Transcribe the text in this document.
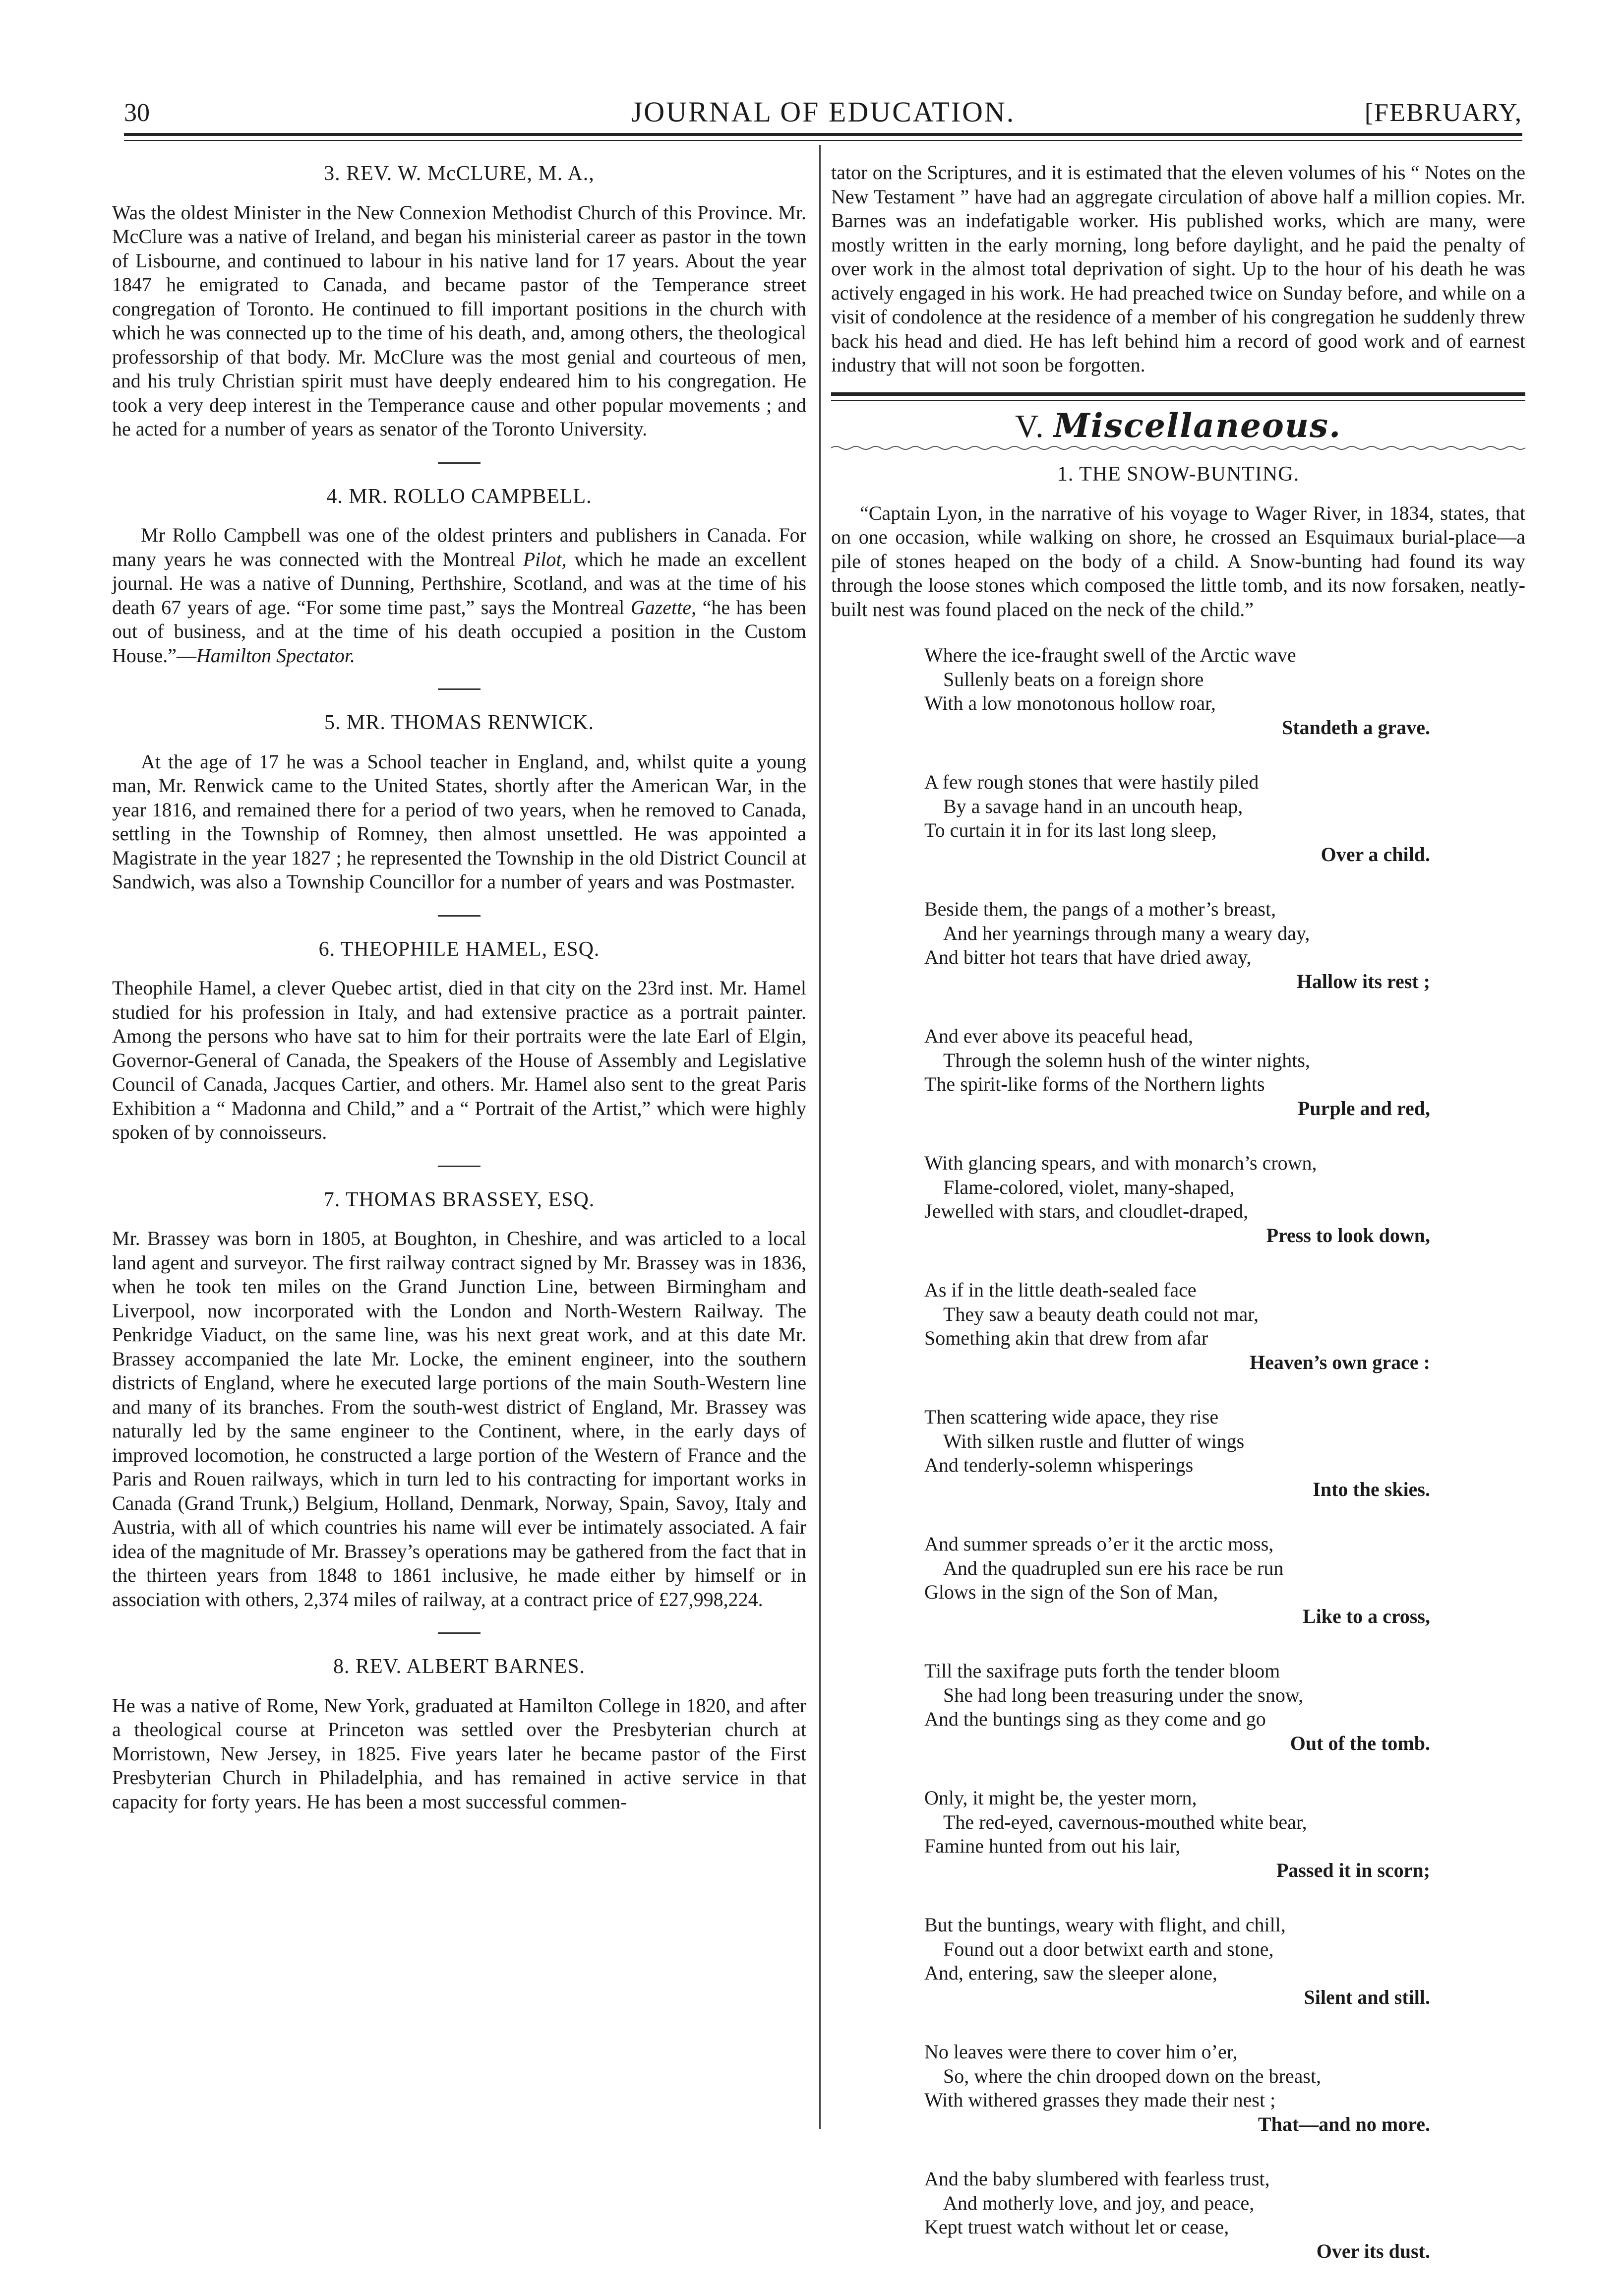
30	JOURNAL OF EDUCATION.	[FEBRUARY,
3. REV. W. McCLURE, M. A.,

Was the oldest Minister in the New Connexion Methodist Church of this Province. Mr. McClure was a native of Ireland, and began his ministerial career as pastor in the town of Lisbourne, and continued to labour in his native land for 17 years. About the year 1847 he emigrated to Canada, and became pastor of the Temperance street congregation of Toronto. He continued to fill important positions in the church with which he was connected up to the time of his death, and, among others, the theological professorship of that body. Mr. McClure was the most genial and courteous of men, and his truly Christian spirit must have deeply endeared him to his congregation. He took a very deep interest in the Temperance cause and other popular movements ; and he acted for a number of years as senator of the Toronto University.

4. MR. ROLLO CAMPBELL.

Mr Rollo Campbell was one of the oldest printers and publishers in Canada. For many years he was connected with the Montreal Pilot, which he made an excellent journal. He was a native of Dunning, Perthshire, Scotland, and was at the time of his death 67 years of age. “For some time past,” says the Montreal Gazette, “he has been out of business, and at the time of his death occupied a position in the Custom House.”—Hamilton Spectator.

5. MR. THOMAS RENWICK.

At the age of 17 he was a School teacher in England, and, whilst quite a young man, Mr. Renwick came to the United States, shortly after the American War, in the year 1816, and remained there for a period of two years, when he removed to Canada, settling in the Township of Romney, then almost unsettled. He was appointed a Magistrate in the year 1827 ; he represented the Township in the old District Council at Sandwich, was also a Township Councillor for a number of years and was Postmaster.

6. THEOPHILE HAMEL, ESQ.

Theophile Hamel, a clever Quebec artist, died in that city on the 23rd inst. Mr. Hamel studied for his profession in Italy, and had extensive practice as a portrait painter. Among the persons who have sat to him for their portraits were the late Earl of Elgin, Governor-General of Canada, the Speakers of the House of Assembly and Legislative Council of Canada, Jacques Cartier, and others. Mr. Hamel also sent to the great Paris Exhibition a “ Madonna and Child,” and a “ Portrait of the Artist,” which were highly spoken of by connoisseurs.

7. THOMAS BRASSEY, ESQ.

Mr. Brassey was born in 1805, at Boughton, in Cheshire, and was articled to a local land agent and surveyor. The first railway contract signed by Mr. Brassey was in 1836, when he took ten miles on the Grand Junction Line, between Birmingham and Liverpool, now incorporated with the London and North-Western Railway. The Penkridge Viaduct, on the same line, was his next great work, and at this date Mr. Brassey accompanied the late Mr. Locke, the eminent engineer, into the southern districts of England, where he executed large portions of the main South-Western line and many of its branches. From the south-west district of England, Mr. Brassey was naturally led by the same engineer to the Continent, where, in the early days of improved locomotion, he constructed a large portion of the Western of France and the Paris and Rouen railways, which in turn led to his contracting for important works in Canada (Grand Trunk,) Belgium, Holland, Denmark, Norway, Spain, Savoy, Italy and Austria, with all of which countries his name will ever be intimately associated. A fair idea of the magnitude of Mr. Brassey’s operations may be gathered from the fact that in the thirteen years from 1848 to 1861 inclusive, he made either by himself or in association with others, 2,374 miles of railway, at a contract price of £27,998,224.

8. REV. ALBERT BARNES.

He was a native of Rome, New York, graduated at Hamilton College in 1820, and after a theological course at Princeton was settled over the Presbyterian church at Morristown, New Jersey, in 1825. Five years later he became pastor of the First Presbyterian Church in Philadelphia, and has remained in active service in that capacity for forty years. He has been a most successful commen-

tator on the Scriptures, and it is estimated that the eleven volumes of his “ Notes on the New Testament ” have had an aggregate circulation of above half a million copies. Mr. Barnes was an indefatigable worker. His published works, which are many, were mostly written in the early morning, long before daylight, and he paid the penalty of over work in the almost total deprivation of sight. Up to the hour of his death he was actively engaged in his work. He had preached twice on Sunday before, and while on a visit of condolence at the residence of a member of his congregation he suddenly threw back his head and died. He has left behind him a record of good work and of earnest industry that will not soon be forgotten.

V. Miscellaneous.
1. THE SNOW-BUNTING.

“Captain Lyon, in the narrative of his voyage to Wager River, in 1834, states, that on one occasion, while walking on shore, he crossed an Esquimaux burial-place—a pile of stones heaped on the body of a child. A Snow-bunting had found its way through the loose stones which composed the little tomb, and its now forsaken, neatly-built nest was found placed on the neck of the child.”

Where the ice-fraught swell of the Arctic wave
Sullenly beats on a foreign shore
With a low monotonous hollow roar,
Standeth a grave.
A few rough stones that were hastily piled
By a savage hand in an uncouth heap,
To curtain it in for its last long sleep,
Over a child.
Beside them, the pangs of a mother’s breast,
And her yearnings through many a weary day,
And bitter hot tears that have dried away,
Hallow its rest ;
And ever above its peaceful head,
Through the solemn hush of the winter nights,
The spirit-like forms of the Northern lights
Purple and red,
With glancing spears, and with monarch’s crown,
Flame-colored, violet, many-shaped,
Jewelled with stars, and cloudlet-draped,
Press to look down,
As if in the little death-sealed face
They saw a beauty death could not mar,
Something akin that drew from afar
Heaven’s own grace :
Then scattering wide apace, they rise
With silken rustle and flutter of wings
And tenderly-solemn whisperings
Into the skies.
And summer spreads o’er it the arctic moss,
And the quadrupled sun ere his race be run
Glows in the sign of the Son of Man,
Like to a cross,
Till the saxifrage puts forth the tender bloom
She had long been treasuring under the snow,
And the buntings sing as they come and go
Out of the tomb.
Only, it might be, the yester morn,
The red-eyed, cavernous-mouthed white bear,
Famine hunted from out his lair,
Passed it in scorn;
But the buntings, weary with flight, and chill,
Found out a door betwixt earth and stone,
And, entering, saw the sleeper alone,
Silent and still.
No leaves were there to cover him o’er,
So, where the chin drooped down on the breast,
With withered grasses they made their nest ;
That—and no more.
And the baby slumbered with fearless trust,
And motherly love, and joy, and peace,
Kept truest watch without let or cease,
Over its dust.
